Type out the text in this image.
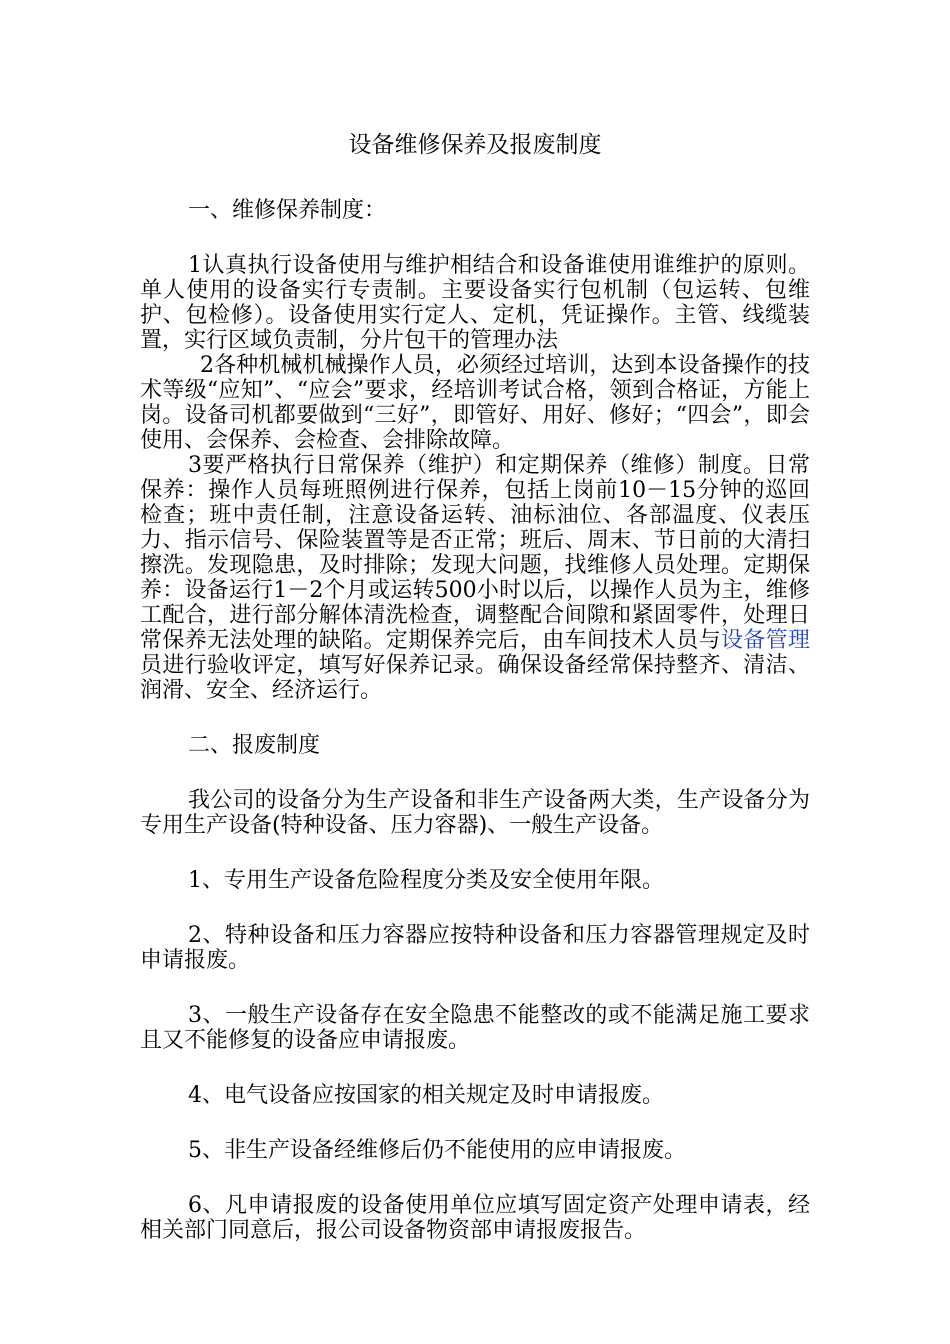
设备维修保养及报废制度
一、维修保养制度：
1认真执行设备使用与维护相结合和设备谁使用谁维护的原则。单人使用的设备实行专责制。主要设备实行包机制（包运转、包维护、包检修）。设备使用实行定人、定机，凭证操作。主管、线缆装置，实行区域负责制，分片包干的管理办法
2各种机械机械操作人员，必须经过培训，达到本设备操作的技术等级“应知”、“应会”要求，经培训考试合格，领到合格证，方能上岗。设备司机都要做到“三好”，即管好、用好、修好；“四会”，即会使用、会保养、会检查、会排除故障。
3要严格执行日常保养（维护）和定期保养（维修）制度。日常保养：操作人员每班照例进行保养，包括上岗前10－15分钟的巡回检查；班中责任制，注意设备运转、油标油位、各部温度、仪表压力、指示信号、保险装置等是否正常；班后、周末、节日前的大清扫擦洗。发现隐患，及时排除；发现大问题，找维修人员处理。定期保养：设备运行1－2个月或运转500小时以后，以操作人员为主，维修工配合，进行部分解体清洗检查，调整配合间隙和紧固零件，处理日常保养无法处理的缺陷。定期保养完后，由车间技术人员与设备管理员进行验收评定，填写好保养记录。确保设备经常保持整齐、清洁、润滑、安全、经济运行。
二、报废制度
我公司的设备分为生产设备和非生产设备两大类，生产设备分为专用生产设备(特种设备、压力容器)、一般生产设备。
1、专用生产设备危险程度分类及安全使用年限。
2、特种设备和压力容器应按特种设备和压力容器管理规定及时申请报废。
3、一般生产设备存在安全隐患不能整改的或不能满足施工要求且又不能修复的设备应申请报废。
4、电气设备应按国家的相关规定及时申请报废。
5、非生产设备经维修后仍不能使用的应申请报废。
6、凡申请报废的设备使用单位应填写固定资产处理申请表，经相关部门同意后，报公司设备物资部申请报废报告。
